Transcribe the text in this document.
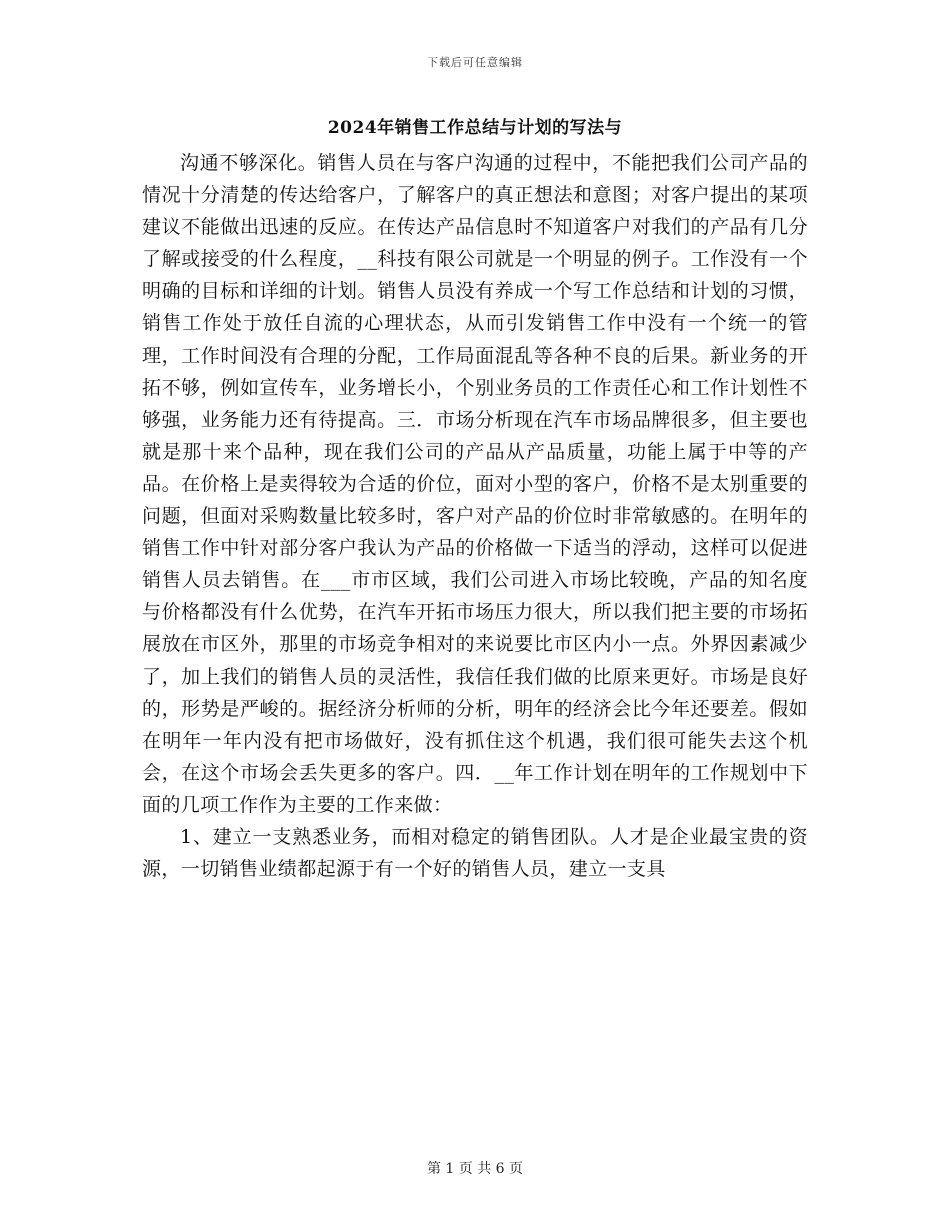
下载后可任意编辑
2024年销售工作总结与计划的写法与

沟通不够深化。销售人员在与客户沟通的过程中，不能把我们公司产品的情况十分清楚的传达给客户，了解客户的真正想法和意图；对客户提出的某项建议不能做出迅速的反应。在传达产品信息时不知道客户对我们的产品有几分了解或接受的什么程度，__科技有限公司就是一个明显的例子。工作没有一个明确的目标和详细的计划。销售人员没有养成一个写工作总结和计划的习惯，销售工作处于放任自流的心理状态，从而引发销售工作中没有一个统一的管理，工作时间没有合理的分配，工作局面混乱等各种不良的后果。新业务的开拓不够，例如宣传车，业务增长小，个别业务员的工作责任心和工作计划性不够强，业务能力还有待提高。三．市场分析现在汽车市场品牌很多，但主要也就是那十来个品种，现在我们公司的产品从产品质量，功能上属于中等的产品。在价格上是卖得较为合适的价位，面对小型的客户，价格不是太别重要的问题，但面对采购数量比较多时，客户对产品的价位时非常敏感的。在明年的销售工作中针对部分客户我认为产品的价格做一下适当的浮动，这样可以促进销售人员去销售。在___市市区域，我们公司进入市场比较晚，产品的知名度与价格都没有什么优势，在汽车开拓市场压力很大，所以我们把主要的市场拓展放在市区外，那里的市场竞争相对的来说要比市区内小一点。外界因素减少了，加上我们的销售人员的灵活性，我信任我们做的比原来更好。市场是良好的，形势是严峻的。据经济分析师的分析，明年的经济会比今年还要差。假如在明年一年内没有把市场做好，没有抓住这个机遇，我们很可能失去这个机会，在这个市场会丢失更多的客户。四．__年工作计划在明年的工作规划中下面的几项工作作为主要的工作来做：

1、建立一支熟悉业务，而相对稳定的销售团队。人才是企业最宝贵的资源，一切销售业绩都起源于有一个好的销售人员，建立一支具

第 1 页 共 6 页
